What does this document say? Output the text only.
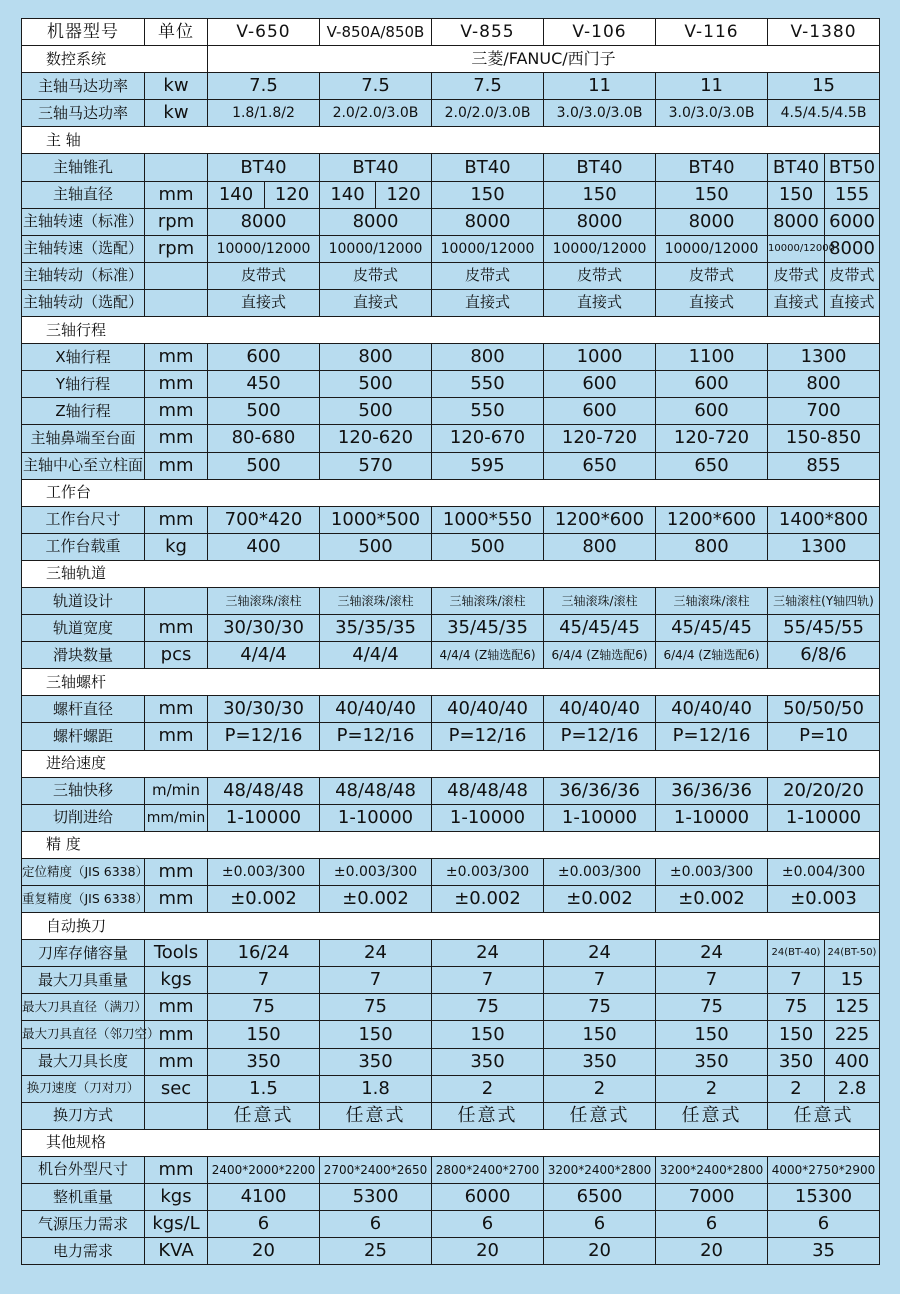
机器型号	单位	V-650		V-850A/850B		V-855	V-106	V-116	V-1380	
数控系统		三菱/FANUC/西门子								
主轴马达功率	kw	7.5		7.5		7.5	11	11	15	
三轴马达功率	kw	1.8/1.8/2		2.0/2.0/3.0B		2.0/2.0/3.0B	3.0/3.0/3.0B	3.0/3.0/3.0B	4.5/4.5/4.5B	
主 轴										
主轴锥孔		BT40		BT40		BT40	BT40	BT40	BT40	BT50
主轴直径	mm	140	120	140	120	150	150	150	150	155
主轴转速（标准）	rpm	8000		8000		8000	8000	8000	8000	6000
主轴转速（选配）	rpm	10000/12000		10000/12000		10000/12000	10000/12000	10000/12000	10000/12000	8000
主轴转动（标准）		皮带式		皮带式		皮带式	皮带式	皮带式	皮带式	皮带式
主轴转动（选配）		直接式		直接式		直接式	直接式	直接式	直接式	直接式
三轴行程										
X轴行程	mm	600		800		800	1000	1100	1300	
Y轴行程	mm	450		500		550	600	600	800	
Z轴行程	mm	500		500		550	600	600	700	
主轴鼻端至台面	mm	80-680		120-620		120-670	120-720	120-720	150-850	
主轴中心至立柱面	mm	500		570		595	650	650	855	
工作台										
工作台尺寸	mm	700*420		1000*500		1000*550	1200*600	1200*600	1400*800	
工作台载重	kg	400		500		500	800	800	1300	
三轴轨道										
轨道设计		三轴滚珠/滚柱		三轴滚珠/滚柱		三轴滚珠/滚柱	三轴滚珠/滚柱	三轴滚珠/滚柱	三轴滚柱(Y轴四轨)	
轨道宽度	mm	30/30/30		35/35/35		35/45/35	45/45/45	45/45/45	55/45/55	
滑块数量	pcs	4/4/4		4/4/4		4/4/4 (Z轴选配6)	6/4/4 (Z轴选配6)	6/4/4 (Z轴选配6)	6/8/6	
三轴螺杆										
螺杆直径	mm	30/30/30		40/40/40		40/40/40	40/40/40	40/40/40	50/50/50	
螺杆螺距	mm	P=12/16		P=12/16		P=12/16	P=12/16	P=12/16	P=10	
进给速度										
三轴快移	m/min	48/48/48		48/48/48		48/48/48	36/36/36	36/36/36	20/20/20	
切削进给	mm/min	1-10000		1-10000		1-10000	1-10000	1-10000	1-10000	
精 度										
定位精度（JIS 6338）	mm	±0.003/300		±0.003/300		±0.003/300	±0.003/300	±0.003/300	±0.004/300	
重复精度（JIS 6338）	mm	±0.002		±0.002		±0.002	±0.002	±0.002	±0.003	
自动换刀										
刀库存储容量	Tools	16/24		24		24	24	24	24(BT-40)	24(BT-50)
最大刀具重量	kgs	7		7		7	7	7	7	15
最大刀具直径（满刀）	mm	75		75		75	75	75	75	125
最大刀具直径（邻刀空）	mm	150		150		150	150	150	150	225
最大刀具长度	mm	350		350		350	350	350	350	400
换刀速度（刀对刀）	sec	1.5		1.8		2	2	2	2	2.8
换刀方式		任意式		任意式		任意式	任意式	任意式	任意式	
其他规格										
机台外型尺寸	mm	2400*2000*2200		2700*2400*2650		2800*2400*2700	3200*2400*2800	3200*2400*2800	4000*2750*2900	
整机重量	kgs	4100		5300		6000	6500	7000	15300	
气源压力需求	kgs/L	6		6		6	6	6	6	
电力需求	KVA	20		25		20	20	20	35	
